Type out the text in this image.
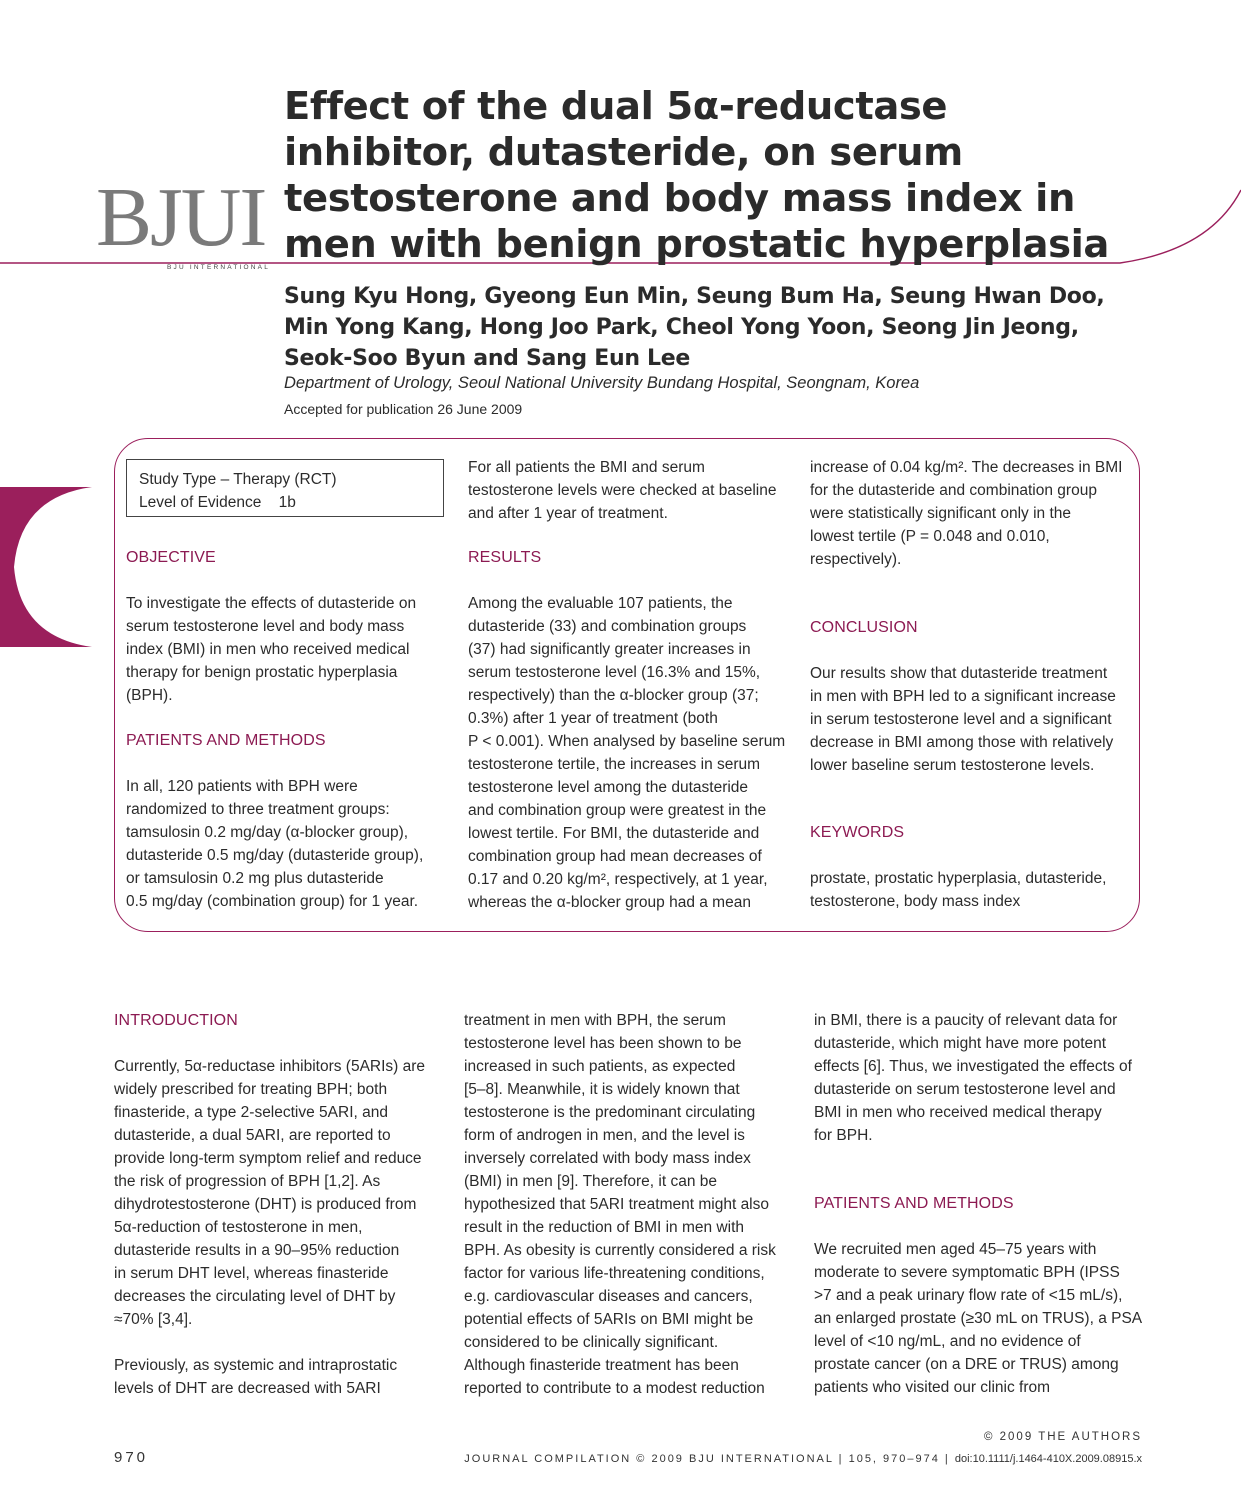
BJUI
BJU INTERNATIONAL
Effect of the dual 5α-reductase inhibitor, dutasteride, on serum testosterone and body mass index in men with benign prostatic hyperplasia
Sung Kyu Hong, Gyeong Eun Min, Seung Bum Ha, Seung Hwan Doo, Min Yong Kang, Hong Joo Park, Cheol Yong Yoon, Seong Jin Jeong, Seok-Soo Byun and Sang Eun Lee
Department of Urology, Seoul National University Bundang Hospital, Seongnam, Korea
Accepted for publication 26 June 2009
Study Type – Therapy (RCT)
Level of Evidence    1b
OBJECTIVE
To investigate the effects of dutasteride on
serum testosterone level and body mass
index (BMI) in men who received medical
therapy for benign prostatic hyperplasia
(BPH).
PATIENTS AND METHODS
In all, 120 patients with BPH were
randomized to three treatment groups:
tamsulosin 0.2 mg/day (α-blocker group),
dutasteride 0.5 mg/day (dutasteride group),
or tamsulosin 0.2 mg plus dutasteride
0.5 mg/day (combination group) for 1 year.
For all patients the BMI and serum
testosterone levels were checked at baseline
and after 1 year of treatment.
RESULTS
Among the evaluable 107 patients, the
dutasteride (33) and combination groups
(37) had significantly greater increases in
serum testosterone level (16.3% and 15%,
respectively) than the α-blocker group (37;
0.3%) after 1 year of treatment (both
P < 0.001). When analysed by baseline serum
testosterone tertile, the increases in serum
testosterone level among the dutasteride
and combination group were greatest in the
lowest tertile. For BMI, the dutasteride and
combination group had mean decreases of
0.17 and 0.20 kg/m², respectively, at 1 year,
whereas the α-blocker group had a mean
increase of 0.04 kg/m². The decreases in BMI
for the dutasteride and combination group
were statistically significant only in the
lowest tertile (P = 0.048 and 0.010,
respectively).
CONCLUSION
Our results show that dutasteride treatment
in men with BPH led to a significant increase
in serum testosterone level and a significant
decrease in BMI among those with relatively
lower baseline serum testosterone levels.
KEYWORDS
prostate, prostatic hyperplasia, dutasteride,
testosterone, body mass index
INTRODUCTION
Currently, 5α-reductase inhibitors (5ARIs) are
widely prescribed for treating BPH; both
finasteride, a type 2-selective 5ARI, and
dutasteride, a dual 5ARI, are reported to
provide long-term symptom relief and reduce
the risk of progression of BPH [1,2]. As
dihydrotestosterone (DHT) is produced from
5α-reduction of testosterone in men,
dutasteride results in a 90–95% reduction
in serum DHT level, whereas finasteride
decreases the circulating level of DHT by
≈70% [3,4].
Previously, as systemic and intraprostatic
levels of DHT are decreased with 5ARI
treatment in men with BPH, the serum
testosterone level has been shown to be
increased in such patients, as expected
[5–8]. Meanwhile, it is widely known that
testosterone is the predominant circulating
form of androgen in men, and the level is
inversely correlated with body mass index
(BMI) in men [9]. Therefore, it can be
hypothesized that 5ARI treatment might also
result in the reduction of BMI in men with
BPH. As obesity is currently considered a risk
factor for various life-threatening conditions,
e.g. cardiovascular diseases and cancers,
potential effects of 5ARIs on BMI might be
considered to be clinically significant.
Although finasteride treatment has been
reported to contribute to a modest reduction
in BMI, there is a paucity of relevant data for
dutasteride, which might have more potent
effects [6]. Thus, we investigated the effects of
dutasteride on serum testosterone level and
BMI in men who received medical therapy
for BPH.
PATIENTS AND METHODS
We recruited men aged 45–75 years with
moderate to severe symptomatic BPH (IPSS
>7 and a peak urinary flow rate of <15 mL/s),
an enlarged prostate (≥30 mL on TRUS), a PSA
level of <10 ng/mL, and no evidence of
prostate cancer (on a DRE or TRUS) among
patients who visited our clinic from
© 2009 THE AUTHORS
970	JOURNAL COMPILATION © 2009 BJU INTERNATIONAL | 105, 970–974 | doi:10.1111/j.1464-410X.2009.08915.x
